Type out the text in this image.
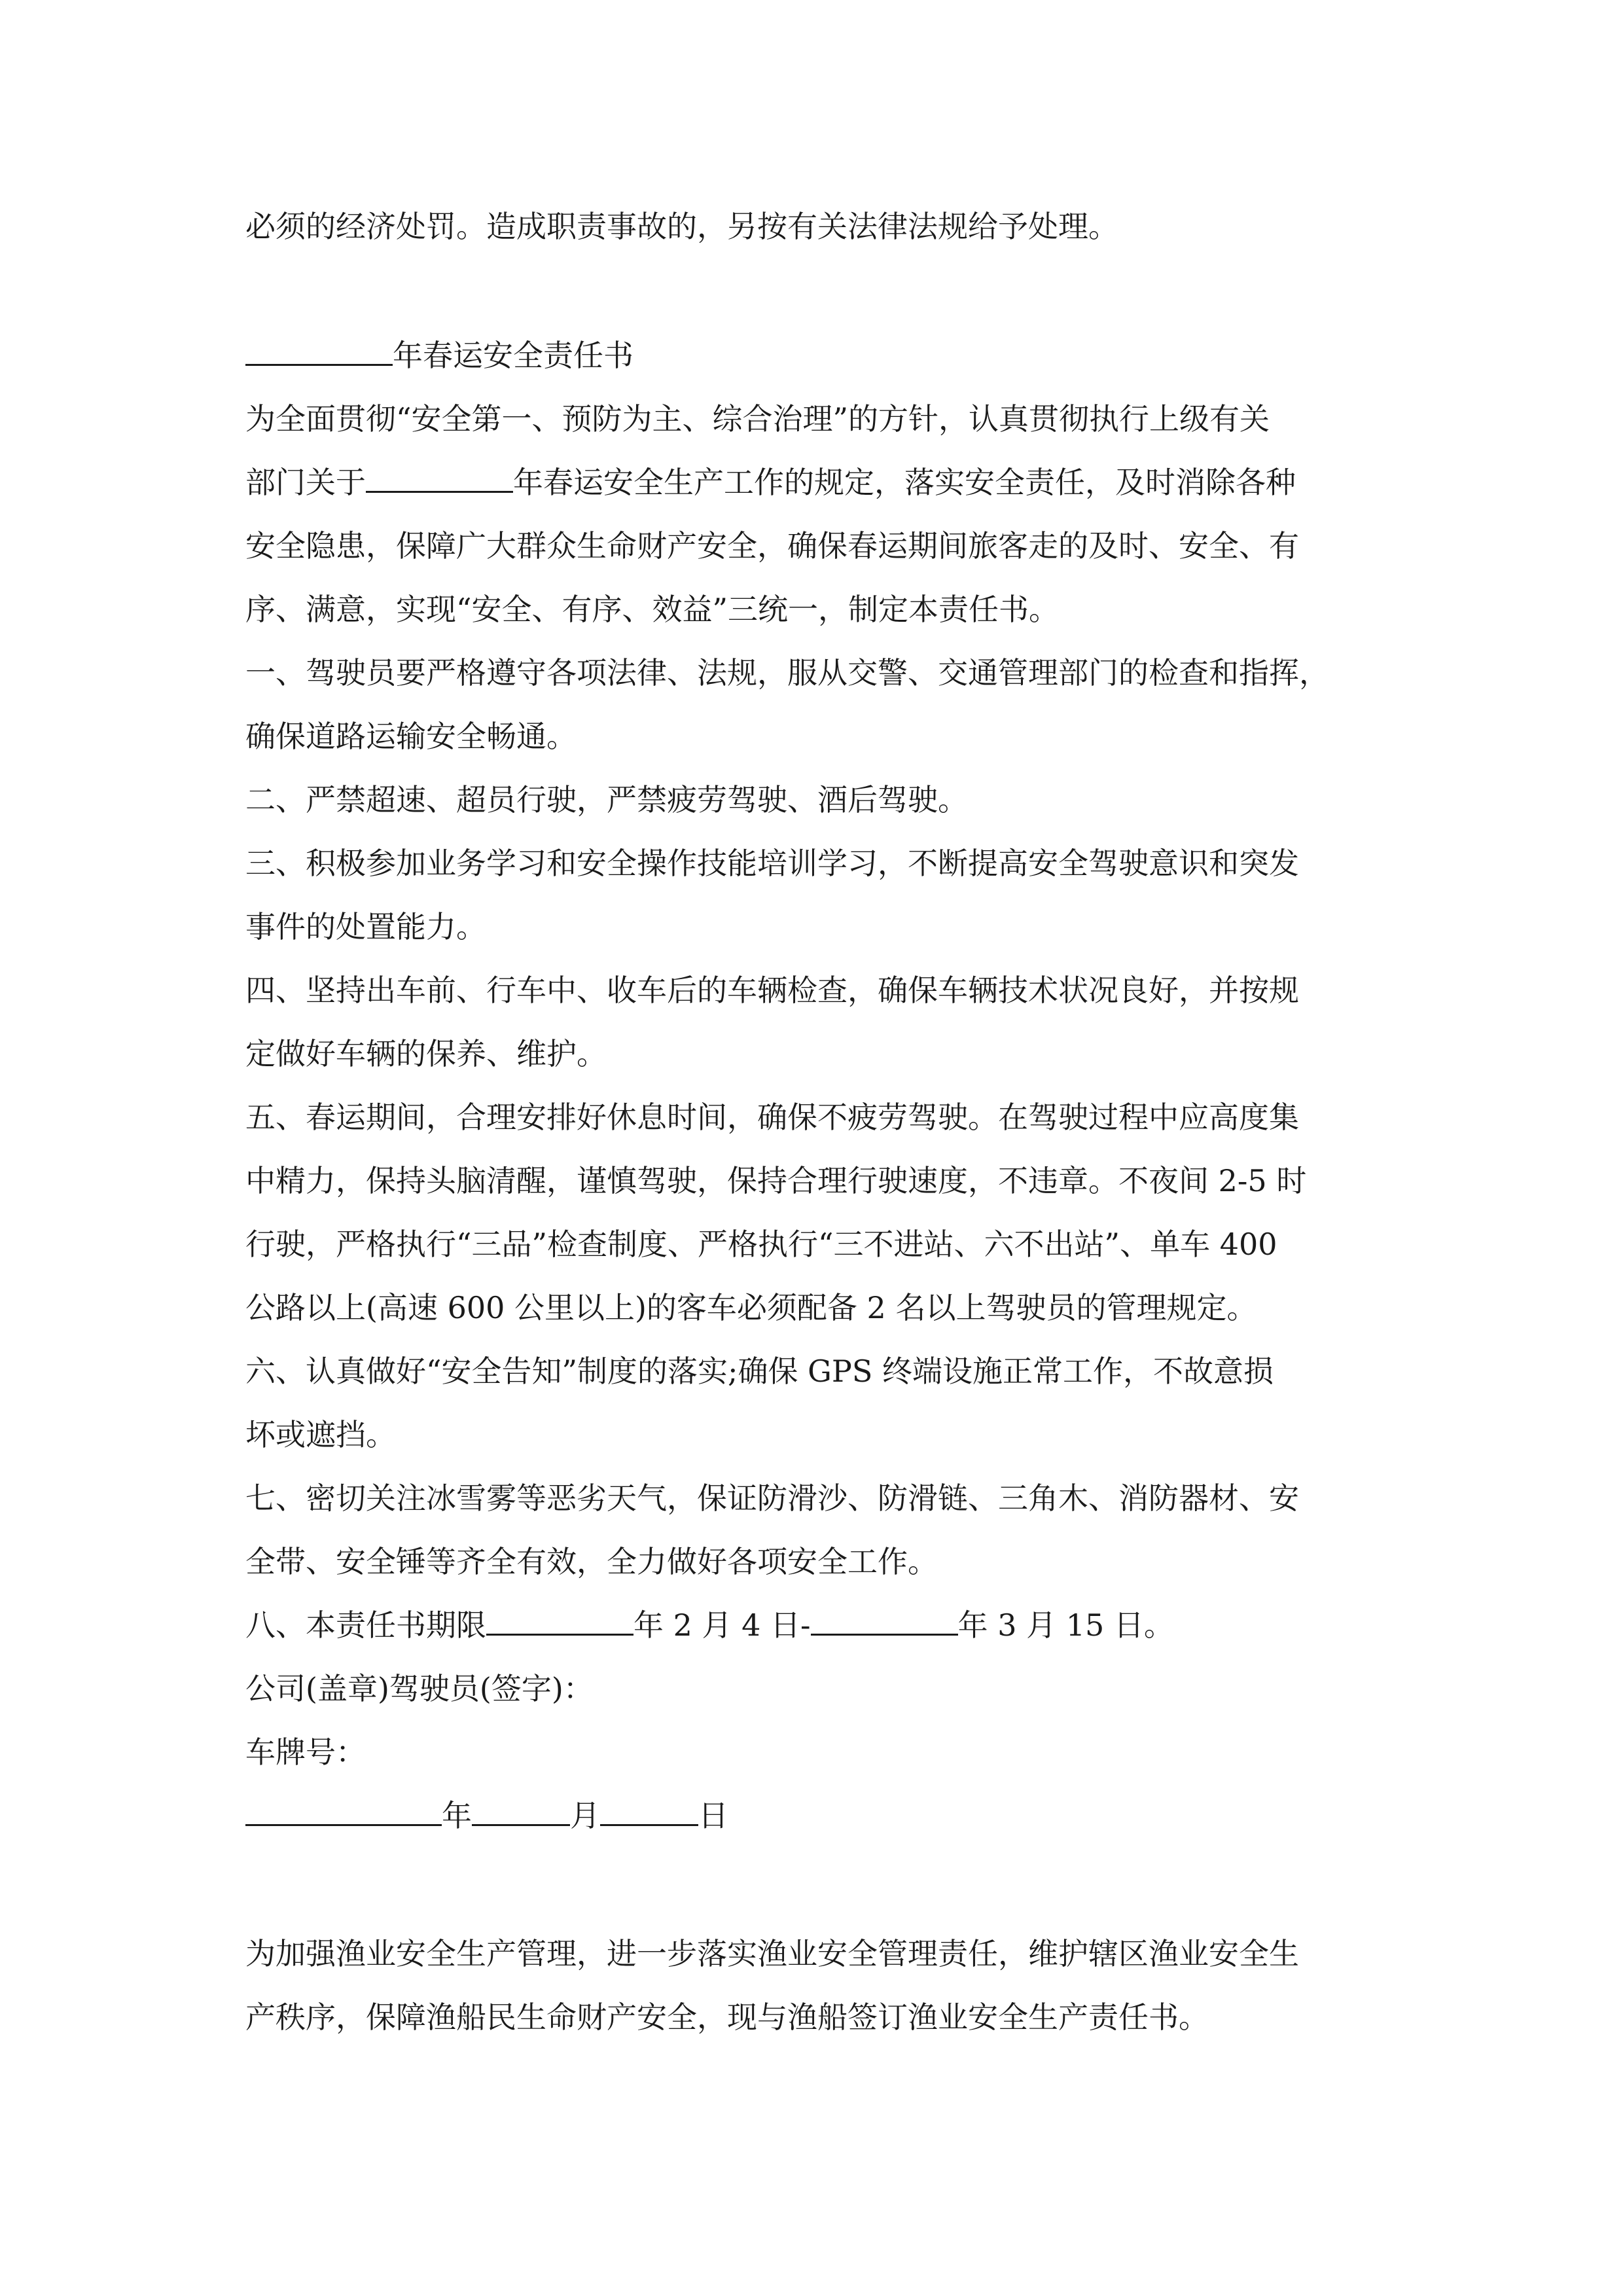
必须的经济处罚。造成职责事故的，另按有关法律法规给予处理。
年春运安全责任书
为全面贯彻“安全第一、预防为主、综合治理”的方针，认真贯彻执行上级有关
部门关于	年春运安全生产工作的规定，落实安全责任，及时消除各种
安全隐患，保障广大群众生命财产安全，确保春运期间旅客走的及时、安全、有
序、满意，实现“安全、有序、效益”三统一，制定本责任书。
一、驾驶员要严格遵守各项法律、法规，服从交警、交通管理部门的检查和指挥，
确保道路运输安全畅通。
二、严禁超速、超员行驶，严禁疲劳驾驶、酒后驾驶。
三、积极参加业务学习和安全操作技能培训学习，不断提高安全驾驶意识和突发
事件的处置能力。
四、坚持出车前、行车中、收车后的车辆检查，确保车辆技术状况良好，并按规
定做好车辆的保养、维护。
五、春运期间，合理安排好休息时间，确保不疲劳驾驶。在驾驶过程中应高度集
中精力，保持头脑清醒，谨慎驾驶，保持合理行驶速度，不违章。不夜间 2-5 时
行驶，严格执行“三品”检查制度、严格执行“三不进站、六不出站”、单车 400
公路以上(高速 600 公里以上)的客车必须配备 2 名以上驾驶员的管理规定。
六、认真做好“安全告知”制度的落实;确保 GPS 终端设施正常工作，不故意损
坏或遮挡。
七、密切关注冰雪雾等恶劣天气，保证防滑沙、防滑链、三角木、消防器材、安
全带、安全锤等齐全有效，全力做好各项安全工作。
八、本责任书期限	年 2 月 4 日-	年 3 月 15 日。
公司(盖章)驾驶员(签字)：
车牌号：
年	月	日
为加强渔业安全生产管理，进一步落实渔业安全管理责任，维护辖区渔业安全生
产秩序，保障渔船民生命财产安全，现与渔船签订渔业安全生产责任书。
